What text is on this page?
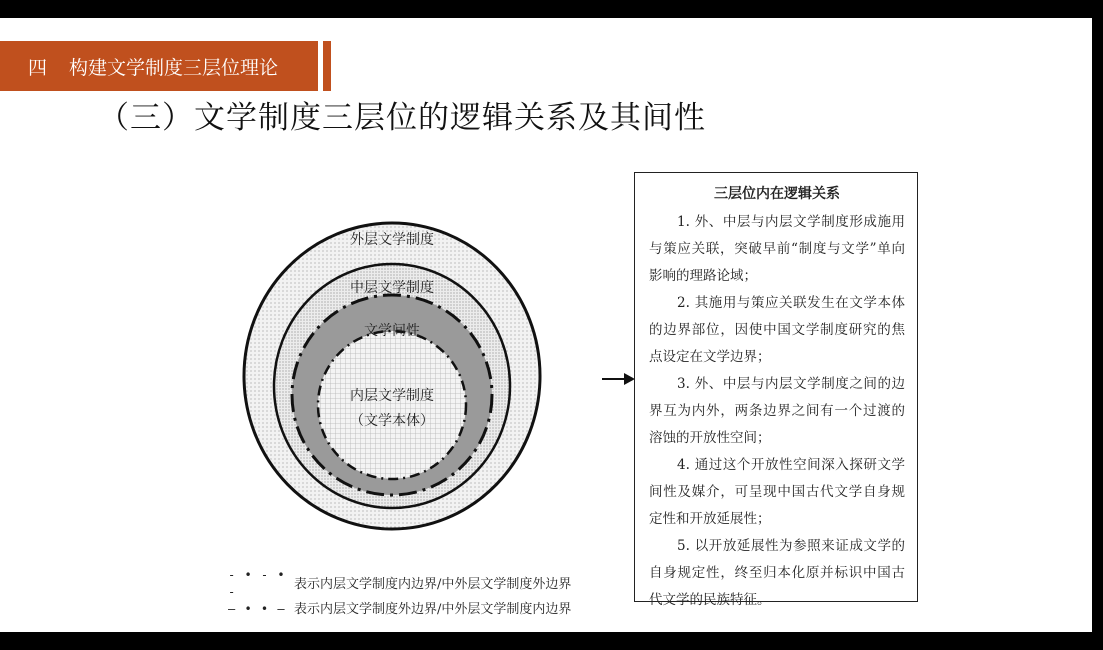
四 构建文学制度三层位理论
（三）文学制度三层位的逻辑关系及其间性
外层文学制度
中层文学制度
文学间性
内层文学制度
（文学本体）
- • - • -
表示内层文学制度内边界/中外层文学制度外边界
— • • — 表示内层文学制度外边界/中外层文学制度内边界
三层位内在逻辑关系
1. 外、中层与内层文学制度形成施用与策应关联，突破早前“制度与文学”单向影响的理路论域；
2. 其施用与策应关联发生在文学本体的边界部位，因使中国文学制度研究的焦点设定在文学边界；
3. 外、中层与内层文学制度之间的边界互为内外，两条边界之间有一个过渡的溶蚀的开放性空间；
4. 通过这个开放性空间深入探研文学间性及媒介，可呈现中国古代文学自身规定性和开放延展性；
5. 以开放延展性为参照来证成文学的自身规定性，终至归本化原并标识中国古代文学的民族特征。
